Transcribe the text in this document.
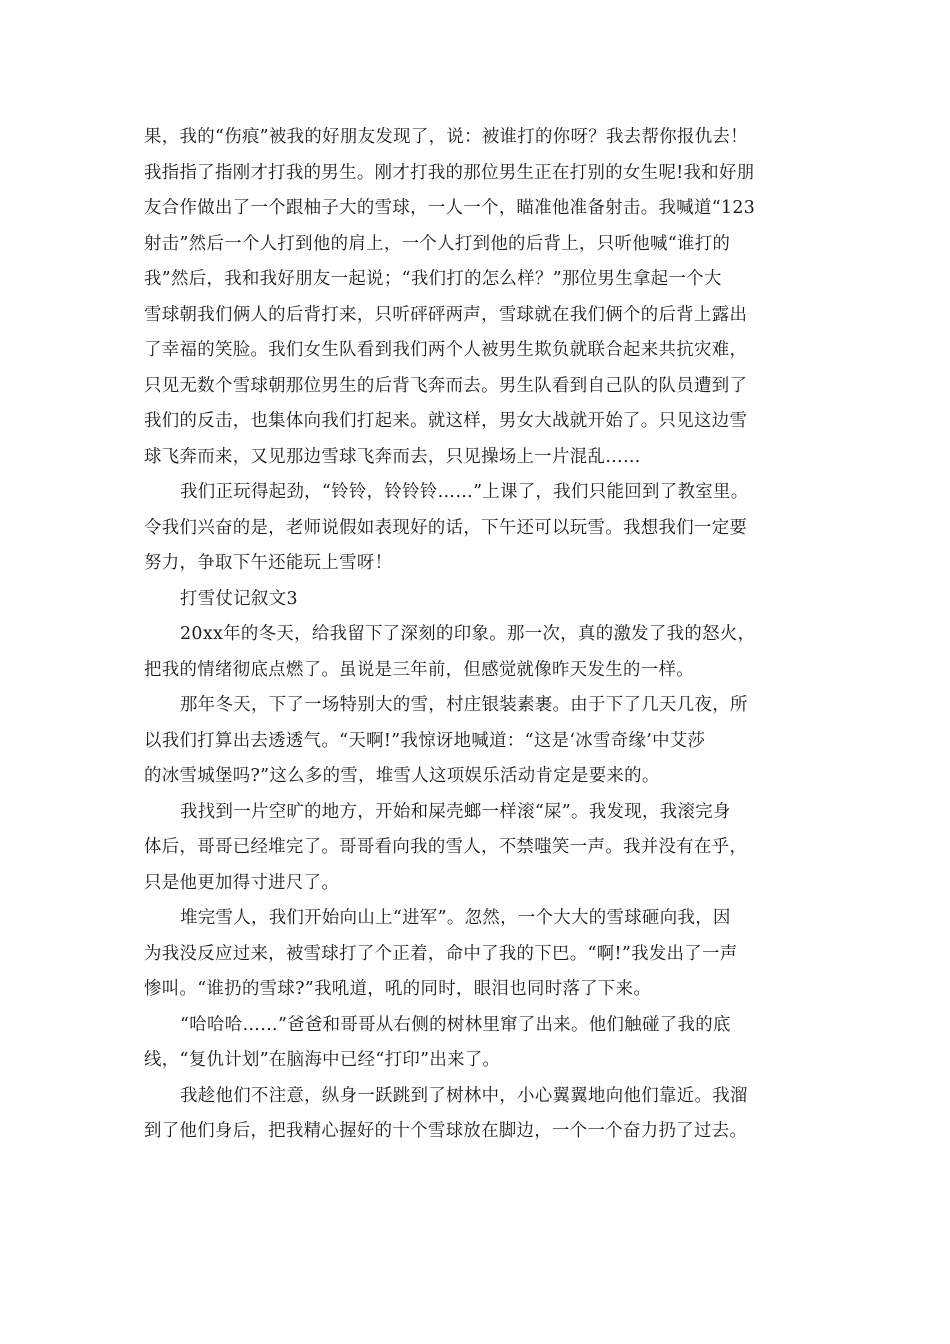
果，我的“伤痕”被我的好朋友发现了，说：被谁打的你呀？我去帮你报仇去！
我指指了指刚才打我的男生。刚才打我的那位男生正在打别的女生呢!我和好朋
友合作做出了一个跟柚子大的雪球，一人一个，瞄准他准备射击。我喊道“123
射击”然后一个人打到他的肩上，一个人打到他的后背上，只听他喊“谁打的
我”然后，我和我好朋友一起说；“我们打的怎么样？”那位男生拿起一个大
雪球朝我们俩人的后背打来，只听砰砰两声，雪球就在我们俩个的后背上露出
了幸福的笑脸。我们女生队看到我们两个人被男生欺负就联合起来共抗灾难，
只见无数个雪球朝那位男生的后背飞奔而去。男生队看到自己队的队员遭到了
我们的反击，也集体向我们打起来。就这样，男女大战就开始了。只见这边雪
球飞奔而来，又见那边雪球飞奔而去，只见操场上一片混乱……
我们正玩得起劲，“铃铃，铃铃铃……”上课了，我们只能回到了教室里。
令我们兴奋的是，老师说假如表现好的话，下午还可以玩雪。我想我们一定要
努力，争取下午还能玩上雪呀！
打雪仗记叙文3
20xx年的冬天，给我留下了深刻的印象。那一次，真的激发了我的怒火，
把我的情绪彻底点燃了。虽说是三年前，但感觉就像昨天发生的一样。
那年冬天，下了一场特别大的雪，村庄银装素裹。由于下了几天几夜，所
以我们打算出去透透气。“天啊!”我惊讶地喊道：“这是‘冰雪奇缘’中艾莎
的冰雪城堡吗?”这么多的雪，堆雪人这项娱乐活动肯定是要来的。
我找到一片空旷的地方，开始和屎壳螂一样滚“屎”。我发现，我滚完身
体后，哥哥已经堆完了。哥哥看向我的雪人，不禁嗤笑一声。我并没有在乎，
只是他更加得寸进尺了。
堆完雪人，我们开始向山上“进军”。忽然，一个大大的雪球砸向我，因
为我没反应过来，被雪球打了个正着，命中了我的下巴。“啊!”我发出了一声
惨叫。“谁扔的雪球?”我吼道，吼的同时，眼泪也同时落了下来。
“哈哈哈……”爸爸和哥哥从右侧的树林里窜了出来。他们触碰了我的底
线，“复仇计划”在脑海中已经“打印”出来了。
我趁他们不注意，纵身一跃跳到了树林中，小心翼翼地向他们靠近。我溜
到了他们身后，把我精心握好的十个雪球放在脚边，一个一个奋力扔了过去。
